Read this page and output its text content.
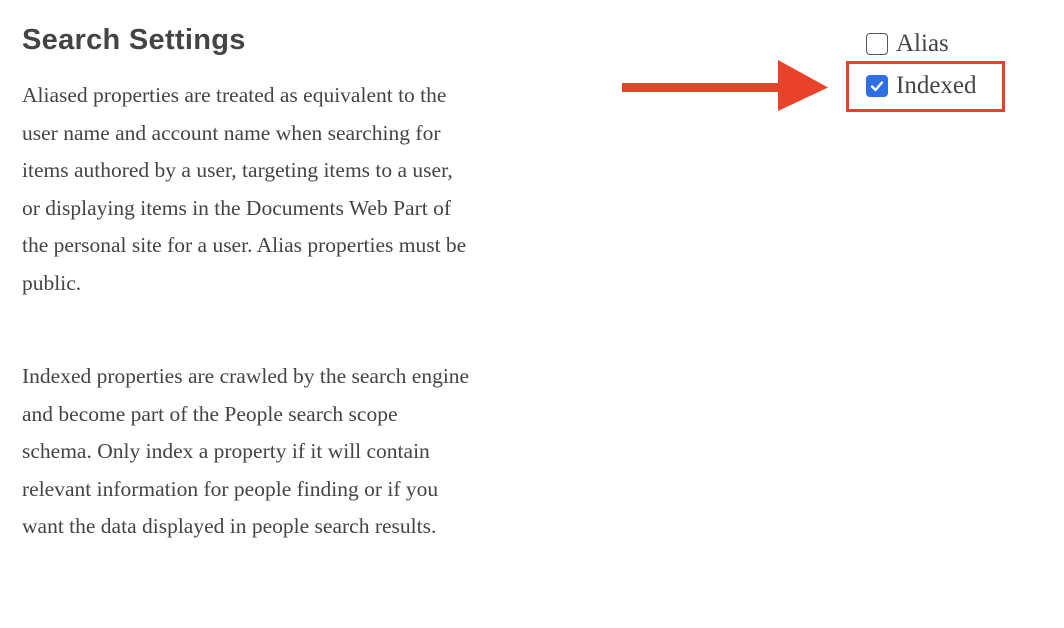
Search Settings

Aliased properties are treated as equivalent to the user name and account name when searching for items authored by a user, targeting items to a user, or displaying items in the Documents Web Part of the personal site for a user. Alias properties must be public.

Indexed properties are crawled by the search engine and become part of the People search scope schema. Only index a property if it will contain relevant information for people finding or if you want the data displayed in people search results.

Alias
Indexed
